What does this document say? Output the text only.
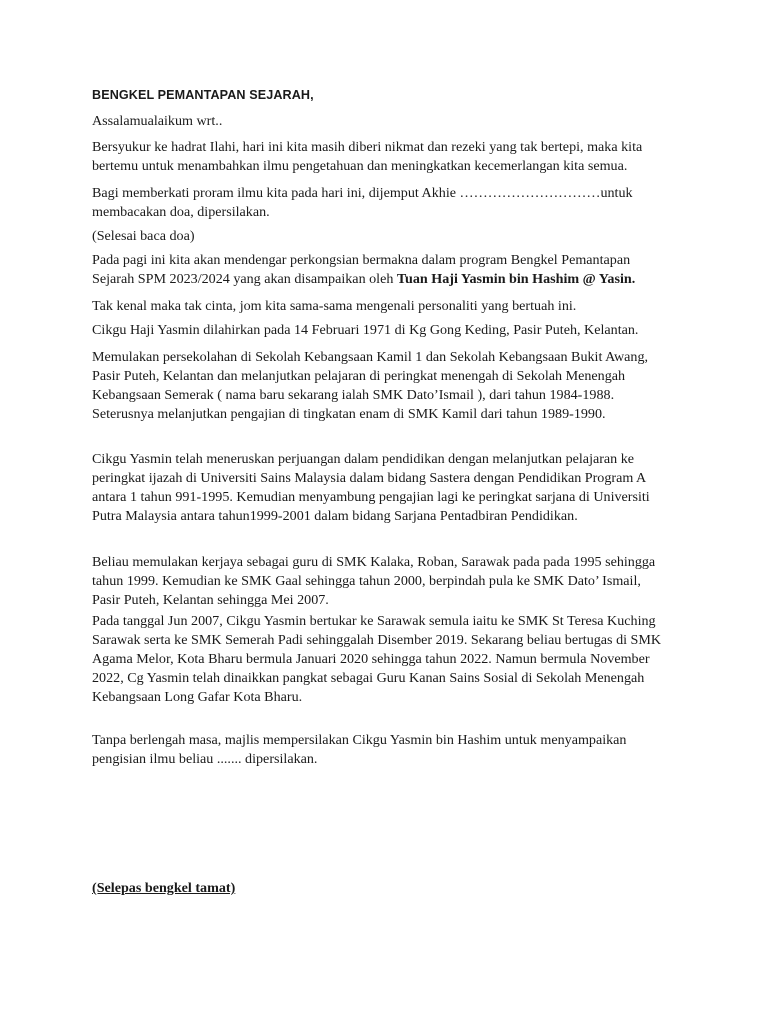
BENGKEL PEMANTAPAN SEJARAH,
Assalamualaikum wrt..
Bersyukur ke hadrat Ilahi, hari ini kita masih diberi nikmat dan rezeki yang tak bertepi, maka kita
bertemu untuk menambahkan ilmu pengetahuan dan meningkatkan kecemerlangan kita semua.
Bagi memberkati proram ilmu kita pada hari ini, dijemput Akhie …………………………untuk
membacakan doa, dipersilakan.
(Selesai baca doa)
Pada pagi ini kita akan mendengar perkongsian bermakna dalam program Bengkel Pemantapan
Sejarah SPM 2023/2024 yang akan disampaikan oleh Tuan Haji Yasmin bin Hashim @ Yasin.
Tak kenal maka tak cinta, jom kita sama-sama mengenali personaliti yang bertuah ini.
Cikgu Haji Yasmin dilahirkan pada 14 Februari 1971 di Kg Gong Keding, Pasir Puteh, Kelantan.
Memulakan persekolahan di Sekolah Kebangsaan Kamil 1 dan Sekolah Kebangsaan Bukit Awang,
Pasir Puteh, Kelantan dan melanjutkan pelajaran di peringkat menengah di Sekolah Menengah
Kebangsaan Semerak ( nama baru sekarang ialah SMK Dato’Ismail ), dari tahun 1984-1988.
Seterusnya melanjutkan pengajian di tingkatan enam di SMK Kamil dari tahun 1989-1990.
Cikgu Yasmin telah meneruskan perjuangan dalam pendidikan dengan melanjutkan pelajaran ke
peringkat ijazah di Universiti Sains Malaysia dalam bidang Sastera dengan Pendidikan Program A
antara 1 tahun 991-1995. Kemudian menyambung pengajian lagi ke peringkat sarjana di Universiti
Putra Malaysia antara tahun1999-2001 dalam bidang Sarjana Pentadbiran Pendidikan.
Beliau memulakan kerjaya sebagai guru di SMK Kalaka, Roban, Sarawak pada pada 1995 sehingga
tahun 1999. Kemudian ke SMK Gaal sehingga tahun 2000, berpindah pula ke SMK Dato’ Ismail,
Pasir Puteh, Kelantan sehingga Mei 2007.
Pada tanggal Jun 2007, Cikgu Yasmin bertukar ke Sarawak semula iaitu ke SMK St Teresa Kuching
Sarawak serta ke SMK Semerah Padi sehinggalah Disember 2019. Sekarang beliau bertugas di SMK
Agama Melor, Kota Bharu bermula Januari 2020 sehingga tahun 2022. Namun bermula November
2022, Cg Yasmin telah dinaikkan pangkat sebagai Guru Kanan Sains Sosial di Sekolah Menengah
Kebangsaan Long Gafar Kota Bharu.
Tanpa berlengah masa, majlis mempersilakan Cikgu Yasmin bin Hashim untuk menyampaikan
pengisian ilmu beliau ....... dipersilakan.
(Selepas bengkel tamat)
